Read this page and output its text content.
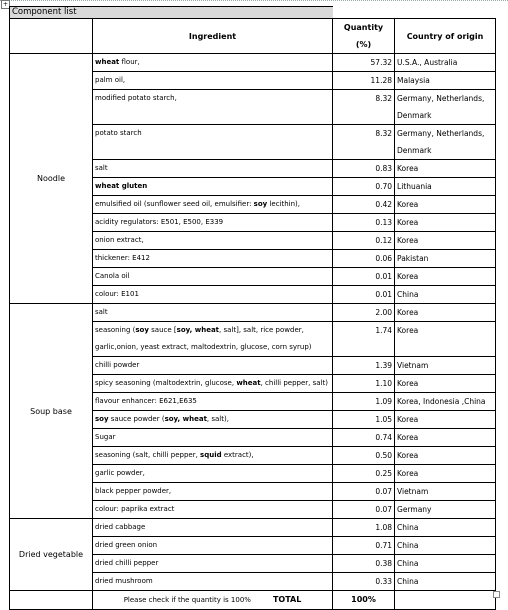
+
Component list			
	Ingredient	Quantity (%)	Country of origin
Noodle	wheat flour,	57.32	U.S.A., Australia
	palm oil,	11.28	Malaysia
	modified potato starch,	8.32	Germany, Netherlands, Denmark
	potato starch	8.32	Germany, Netherlands, Denmark
	salt	0.83	Korea
	wheat gluten	0.70	Lithuania
	emulsified oil (sunflower seed oil, emulsifier: soy lecithin),	0.42	Korea
	acidity regulators: E501, E500, E339	0.13	Korea
	onion extract,	0.12	Korea
	thickener: E412	0.06	Pakistan
	Canola oil	0.01	Korea
	colour: E101	0.01	China
Soup base	salt	2.00	Korea
	seasoning (soy sauce [soy, wheat, salt], salt, rice powder, garlic,onion, yeast extract, maltodextrin, glucose, corn syrup)	1.74	Korea
	chilli powder	1.39	Vietnam
	spicy seasoning (maltodextrin, glucose, wheat, chilli pepper, salt)	1.10	Korea
	flavour enhancer: E621,E635	1.09	Korea, Indonesia ,China
	soy sauce powder (soy, wheat, salt),	1.05	Korea
	Sugar	0.74	Korea
	seasoning (salt, chilli pepper, squid extract),	0.50	Korea
	garlic powder,	0.25	Korea
	black pepper powder,	0.07	Vietnam
	colour: paprika extract	0.07	Germany
Dried vegetable	dried cabbage	1.08	China
	dried green onion	0.71	China
	dried chilli pepper	0.38	China
	dried mushroom	0.33	China
	Please check if the quantity is 100% TOTAL	100%	
